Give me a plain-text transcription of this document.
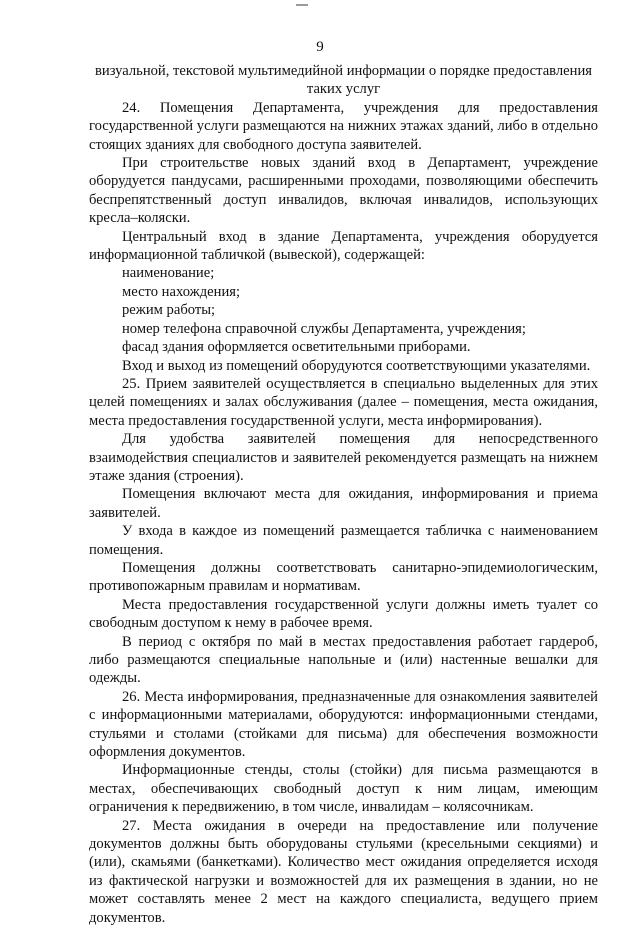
9

визуальной, текстовой мультимедийной информации о порядке предоставления таких услуг

24. Помещения Департамента, учреждения для предоставления государственной услуги размещаются на нижних этажах зданий, либо в отдельно стоящих зданиях для свободного доступа заявителей.

При строительстве новых зданий вход в Департамент, учреждение оборудуется пандусами, расширенными проходами, позволяющими обеспечить беспрепятственный доступ инвалидов, включая инвалидов, использующих кресла–коляски.

Центральный вход в здание Департамента, учреждения оборудуется информационной табличкой (вывеской), содержащей:

наименование;

место нахождения;

режим работы;

номер телефона справочной службы Департамента, учреждения;

фасад здания оформляется осветительными приборами.

Вход и выход из помещений оборудуются соответствующими указателями.

25. Прием заявителей осуществляется в специально выделенных для этих целей помещениях и залах обслуживания (далее – помещения, места ожидания, места предоставления государственной услуги, места информирования).

Для удобства заявителей помещения для непосредственного взаимодействия специалистов и заявителей рекомендуется размещать на нижнем этаже здания (строения).

Помещения включают места для ожидания, информирования и приема заявителей.

У входа в каждое из помещений размещается табличка с наименованием помещения.

Помещения должны соответствовать санитарно-эпидемиологическим, противопожарным правилам и нормативам.

Места предоставления государственной услуги должны иметь туалет со свободным доступом к нему в рабочее время.

В период с октября по май в местах предоставления работает гардероб, либо размещаются специальные напольные и (или) настенные вешалки для одежды.

26. Места информирования, предназначенные для ознакомления заявителей с информационными материалами, оборудуются: информационными стендами, стульями и столами (стойками для письма) для обеспечения возможности оформления документов.

Информационные стенды, столы (стойки) для письма размещаются в местах, обеспечивающих свободный доступ к ним лицам, имеющим ограничения к передвижению, в том числе, инвалидам – колясочникам.

27. Места ожидания в очереди на предоставление или получение документов должны быть оборудованы стульями (кресельными секциями) и (или), скамьями (банкетками). Количество мест ожидания определяется исходя из фактической нагрузки и возможностей для их размещения в здании, но не может составлять менее 2 мест на каждого специалиста, ведущего прием документов.
